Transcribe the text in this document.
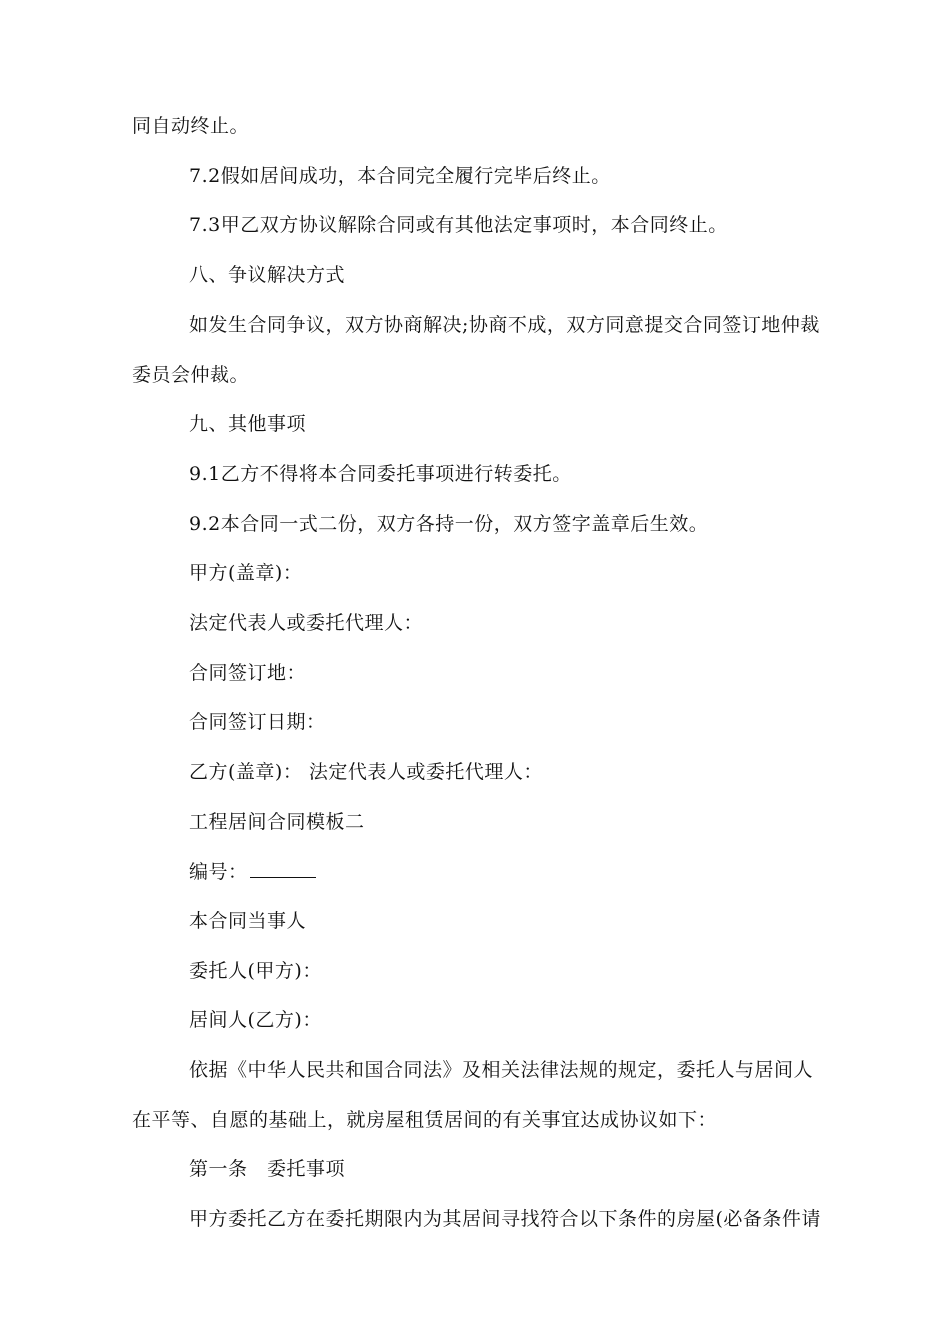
同自动终止。
7.2假如居间成功，本合同完全履行完毕后终止。
7.3甲乙双方协议解除合同或有其他法定事项时，本合同终止。
八、争议解决方式
如发生合同争议，双方协商解决;协商不成，双方同意提交合同签订地仲裁
委员会仲裁。
九、其他事项
9.1乙方不得将本合同委托事项进行转委托。
9.2本合同一式二份，双方各持一份，双方签字盖章后生效。
甲方(盖章)：
法定代表人或委托代理人：
合同签订地：
合同签订日期：
乙方(盖章)： 法定代表人或委托代理人：
工程居间合同模板二
编号：
本合同当事人
委托人(甲方)：
居间人(乙方)：
依据《中华人民共和国合同法》及相关法律法规的规定，委托人与居间人
在平等、自愿的基础上，就房屋租赁居间的有关事宜达成协议如下：
第一条　委托事项
甲方委托乙方在委托期限内为其居间寻找符合以下条件的房屋(必备条件请
